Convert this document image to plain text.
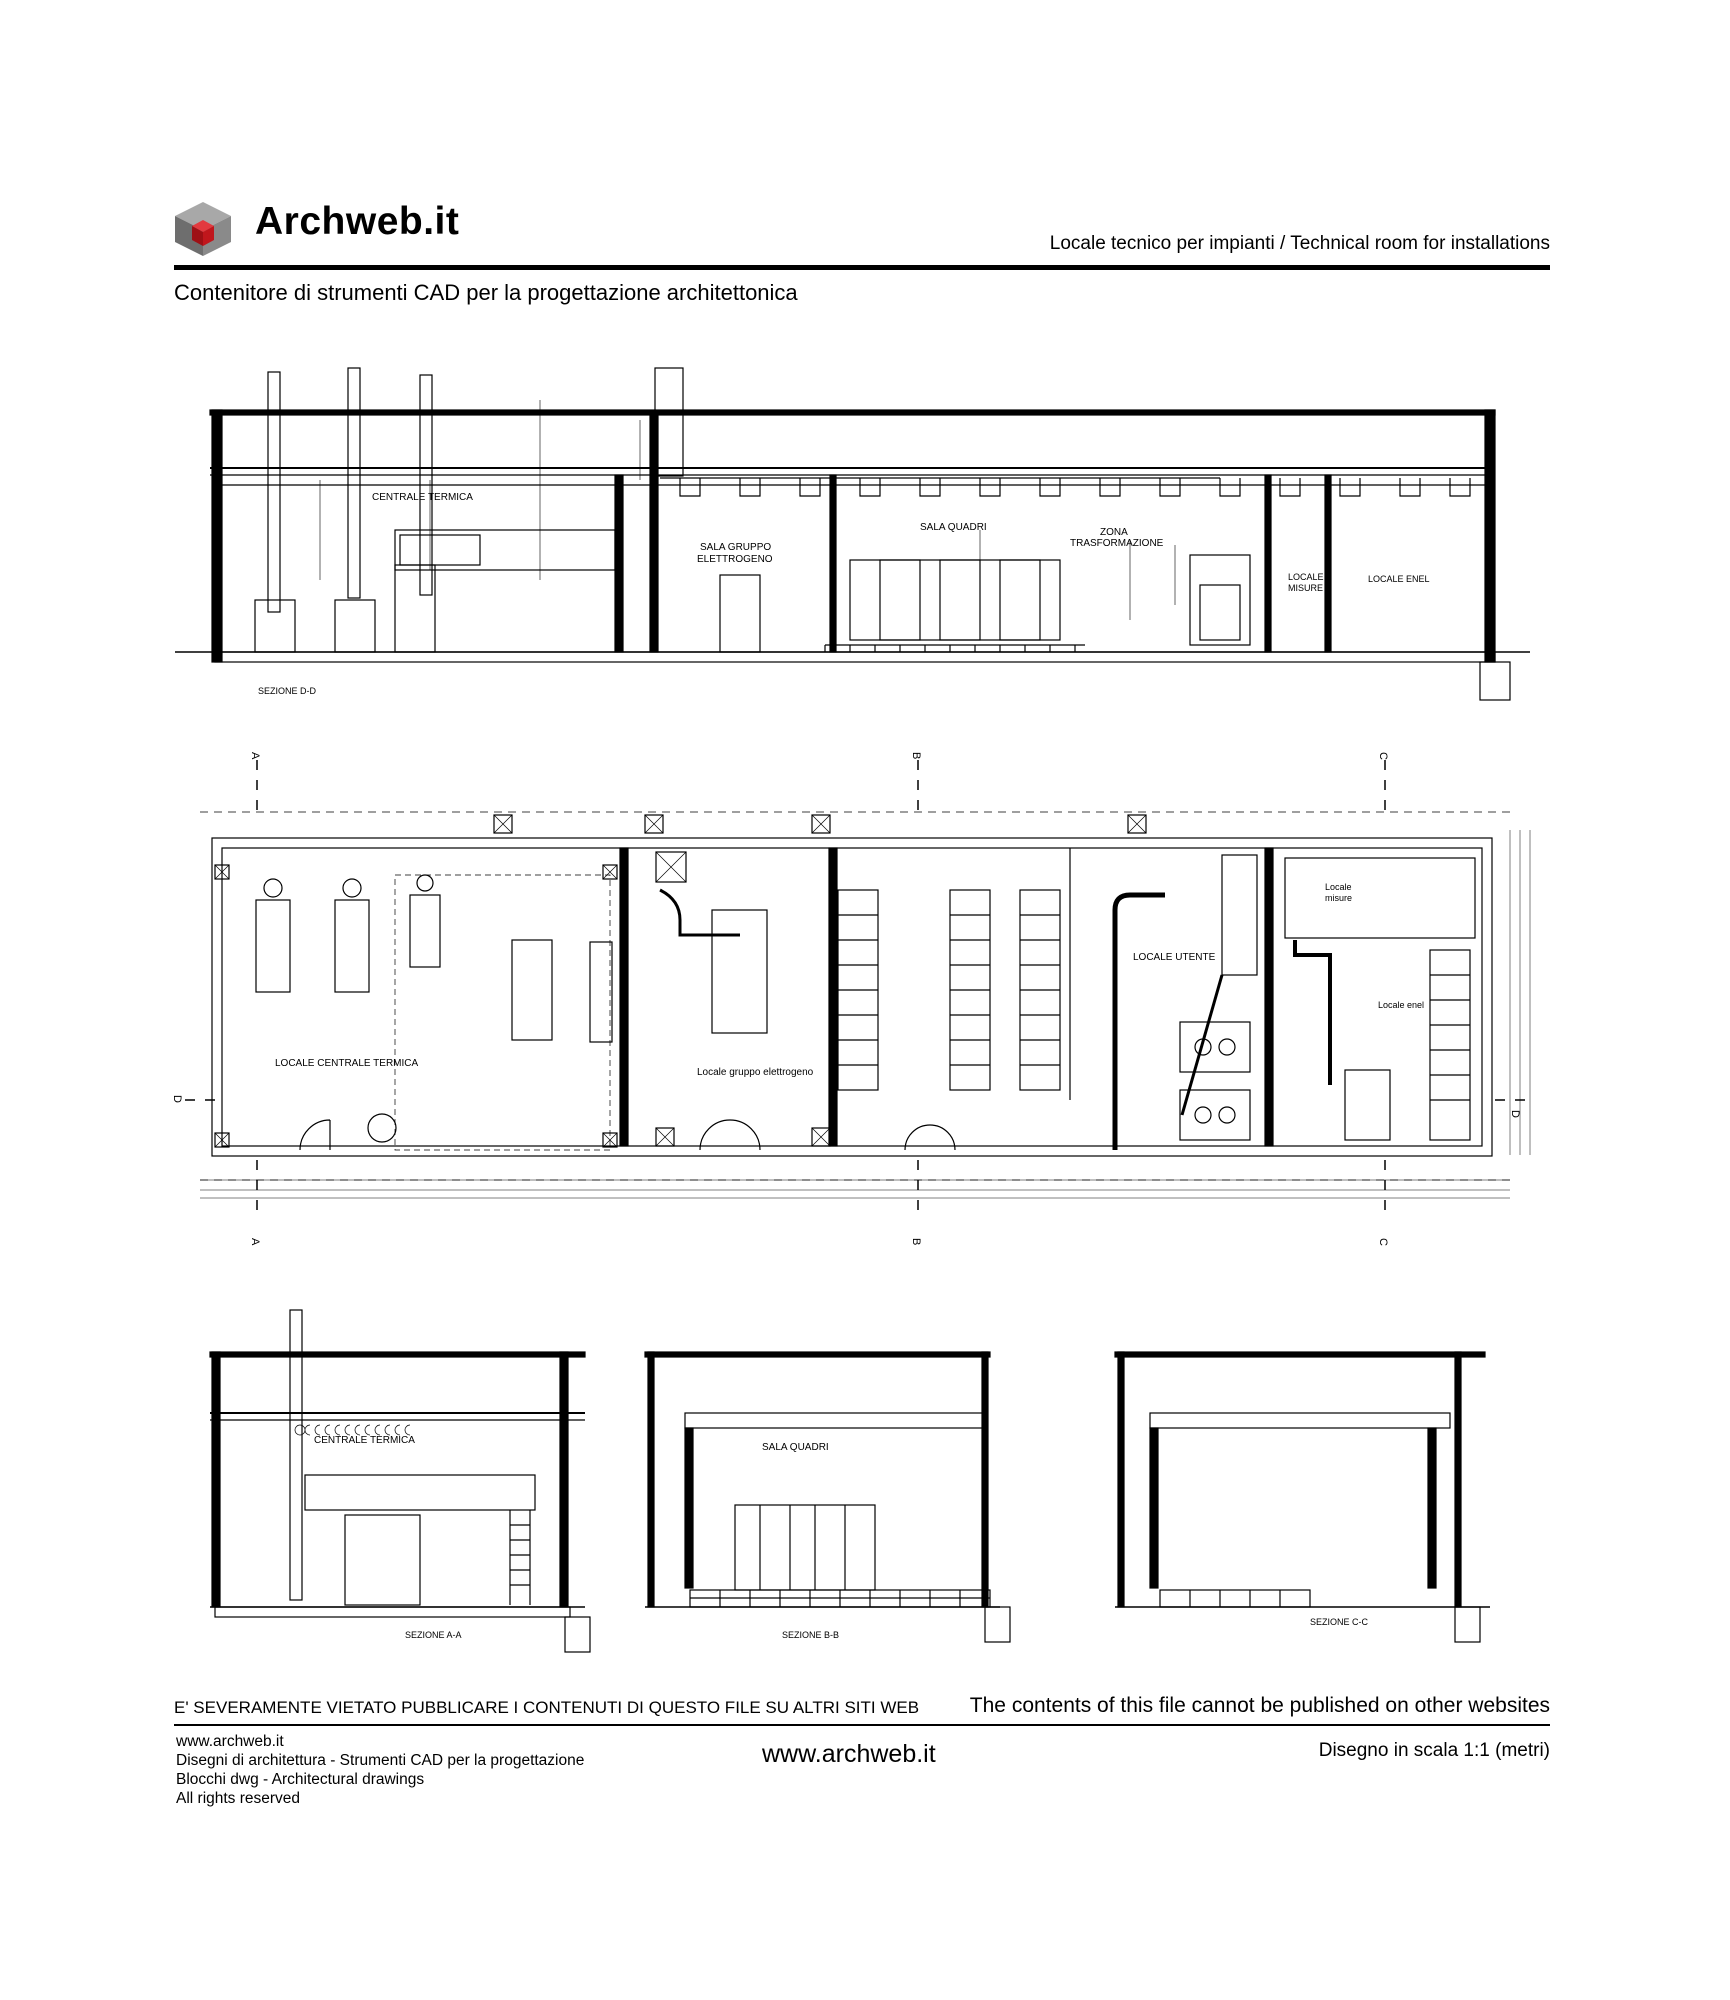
Archweb.it
Locale tecnico per impianti / Technical room for installations
Contenitore di strumenti CAD per la progettazione architettonica
CENTRALE TERMICA
SALA GRUPPO
ELETTROGENO
SALA QUADRI	ZONA
TRASFORMAZIONE
LOCALE
MISURE
LOCALE ENEL
SEZIONE D-D
LOCALE CENTRALE TERMICA
Locale gruppo elettrogeno
LOCALE UTENTE
Locale
misure
Locale enel
A
A
B
B
C
C
D
D
CENTRALE TERMICA
SEZIONE A-A
SALA QUADRI
SEZIONE B-B
SEZIONE C-C
E' SEVERAMENTE VIETATO PUBBLICARE I CONTENUTI DI QUESTO FILE SU ALTRI SITI WEB The contents of this file cannot be published on other websites
www.archweb.it
Disegni di architettura - Strumenti CAD per la progettazione
Blocchi dwg - Architectural drawings
All rights reserved
www.archweb.it	Disegno in scala 1:1 (metri)
